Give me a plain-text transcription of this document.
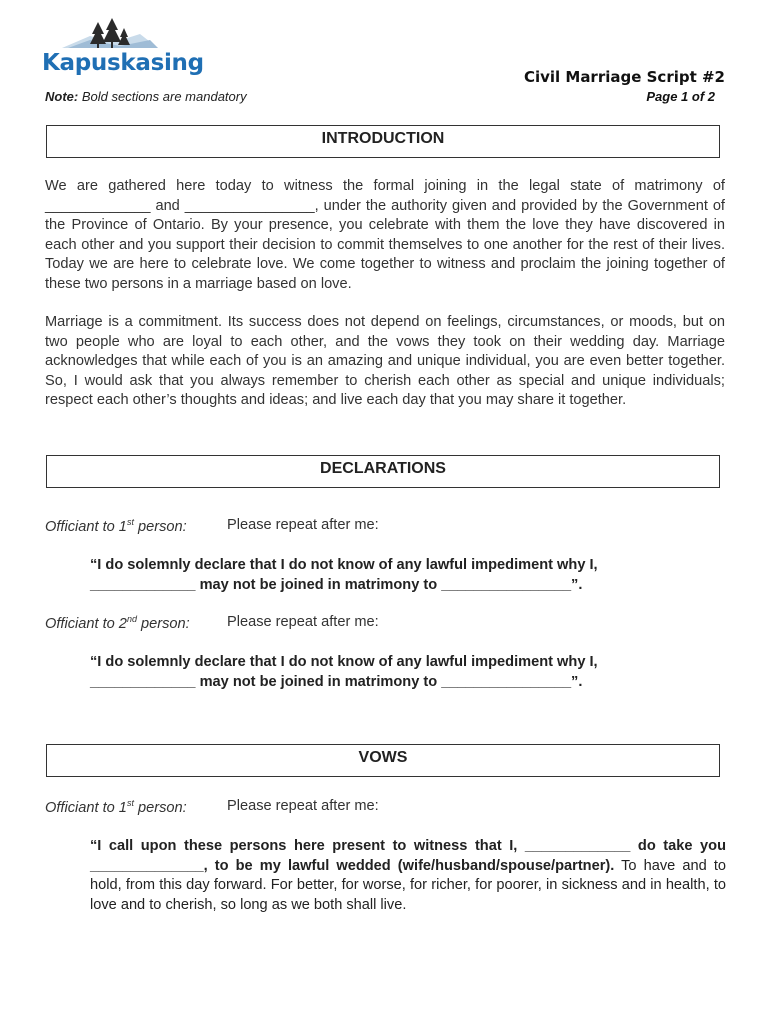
Kapuskasing
Note: Bold sections are mandatory
Civil Marriage Script #2
Page 1 of 2
INTRODUCTION
We are gathered here today to witness the formal joining in the legal state of matrimony of _____________ and ________________, under the authority given and provided by the Government of the Province of Ontario. By your presence, you celebrate with them the love they have discovered in each other and you support their decision to commit themselves to one another for the rest of their lives. Today we are here to celebrate love. We come together to witness and proclaim the joining together of these two persons in a marriage based on love.
Marriage is a commitment. Its success does not depend on feelings, circumstances, or moods, but on two people who are loyal to each other, and the vows they took on their wedding day. Marriage acknowledges that while each of you is an amazing and unique individual, you are even better together. So, I would ask that you always remember to cherish each other as special and unique individuals; respect each other’s thoughts and ideas; and live each day that you may share it together.
DECLARATIONS
Officiant to 1st person:	Please repeat after me:
“I do solemnly declare that I do not know of any lawful impediment why I,
_____________ may not be joined in matrimony to ________________”.
Officiant to 2nd person:	Please repeat after me:
“I do solemnly declare that I do not know of any lawful impediment why I,
_____________ may not be joined in matrimony to ________________”.
VOWS
Officiant to 1st person:	Please repeat after me:
“I call upon these persons here present to witness that I, _____________ do take you ______________, to be my lawful wedded (wife/husband/spouse/partner). To have and to hold, from this day forward. For better, for worse, for richer, for poorer, in sickness and in health, to love and to cherish, so long as we both shall live.
